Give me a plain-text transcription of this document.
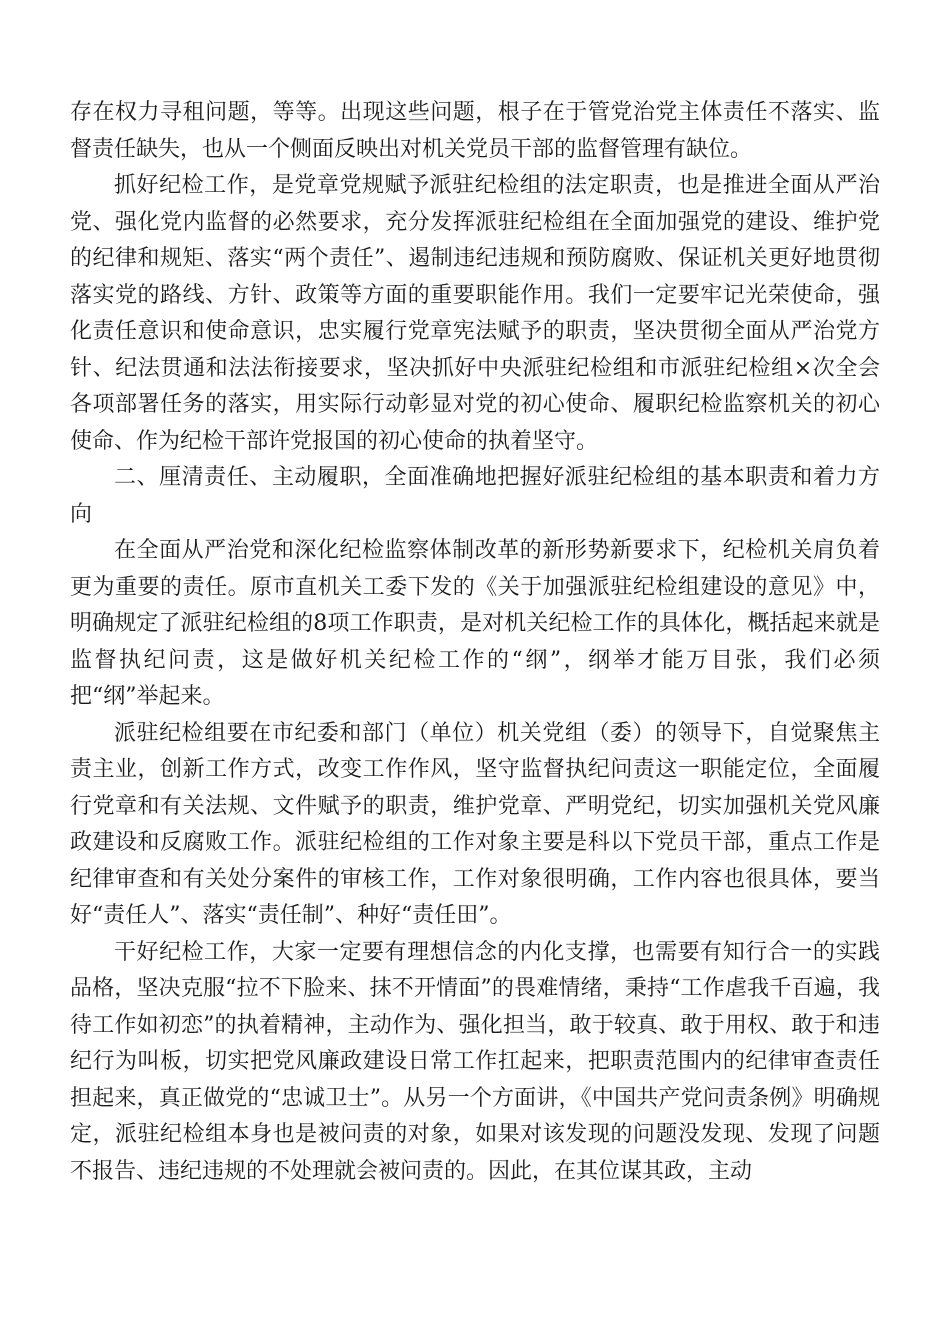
存在权力寻租问题，等等。出现这些问题，根子在于管党治党主体责任不落实、监督责任缺失，也从一个侧面反映出对机关党员干部的监督管理有缺位。

抓好纪检工作，是党章党规赋予派驻纪检组的法定职责，也是推进全面从严治党、强化党内监督的必然要求，充分发挥派驻纪检组在全面加强党的建设、维护党的纪律和规矩、落实“两个责任”、遏制违纪违规和预防腐败、保证机关更好地贯彻落实党的路线、方针、政策等方面的重要职能作用。我们一定要牢记光荣使命，强化责任意识和使命意识，忠实履行党章宪法赋予的职责，坚决贯彻全面从严治党方针、纪法贯通和法法衔接要求，坚决抓好中央派驻纪检组和市派驻纪检组×次全会各项部署任务的落实，用实际行动彰显对党的初心使命、履职纪检监察机关的初心使命、作为纪检干部许党报国的初心使命的执着坚守。

二、厘清责任、主动履职，全面准确地把握好派驻纪检组的基本职责和着力方向

在全面从严治党和深化纪检监察体制改革的新形势新要求下，纪检机关肩负着更为重要的责任。原市直机关工委下发的《关于加强派驻纪检组建设的意见》中，明确规定了派驻纪检组的8项工作职责，是对机关纪检工作的具体化，概括起来就是监督执纪问责，这是做好机关纪检工作的“纲”，纲举才能万目张，我们必须把“纲”举起来。

派驻纪检组要在市纪委和部门（单位）机关党组（委）的领导下，自觉聚焦主责主业，创新工作方式，改变工作作风，坚守监督执纪问责这一职能定位，全面履行党章和有关法规、文件赋予的职责，维护党章、严明党纪，切实加强机关党风廉政建设和反腐败工作。派驻纪检组的工作对象主要是科以下党员干部，重点工作是纪律审查和有关处分案件的审核工作，工作对象很明确，工作内容也很具体，要当好“责任人”、落实“责任制”、种好“责任田”。

干好纪检工作，大家一定要有理想信念的内化支撑，也需要有知行合一的实践品格，坚决克服“拉不下脸来、抹不开情面”的畏难情绪，秉持“工作虐我千百遍，我待工作如初恋”的执着精神，主动作为、强化担当，敢于较真、敢于用权、敢于和违纪行为叫板，切实把党风廉政建设日常工作扛起来，把职责范围内的纪律审查责任担起来，真正做党的“忠诚卫士”。从另一个方面讲，《中国共产党问责条例》明确规定，派驻纪检组本身也是被问责的对象，如果对该发现的问题没发现、发现了问题不报告、违纪违规的不处理就会被问责的。因此，在其位谋其政，主动
